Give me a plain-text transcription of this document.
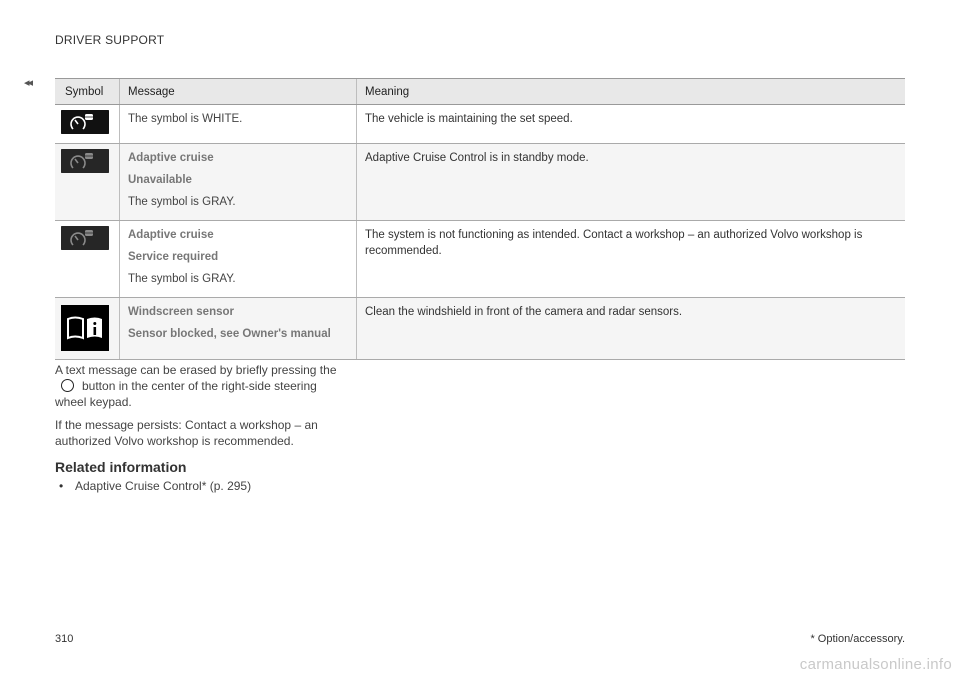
DRIVER SUPPORT
◂◂
Symbol	Message	Meaning

The symbol is WHITE.	The vehicle is maintaining the set speed.

Adaptive cruise
Unavailable
The symbol is GRAY.	Adaptive Cruise Control is in standby mode.

Adaptive cruise
Service required
The symbol is GRAY.	The system is not functioning as intended. Contact a workshop – an authorized Volvo workshop is recommended.

Windscreen sensor
Sensor blocked, see Owner's manual	Clean the windshield in front of the camera and radar sensors.

A text message can be erased by briefly pressing thebutton in the center of the right-side steering wheel keypad.

If the message persists: Contact a workshop – an authorized Volvo workshop is recommended.

Related information
• Adaptive Cruise Control* (p. 295)
310	* Option/accessory.
carmanualsonline.info
